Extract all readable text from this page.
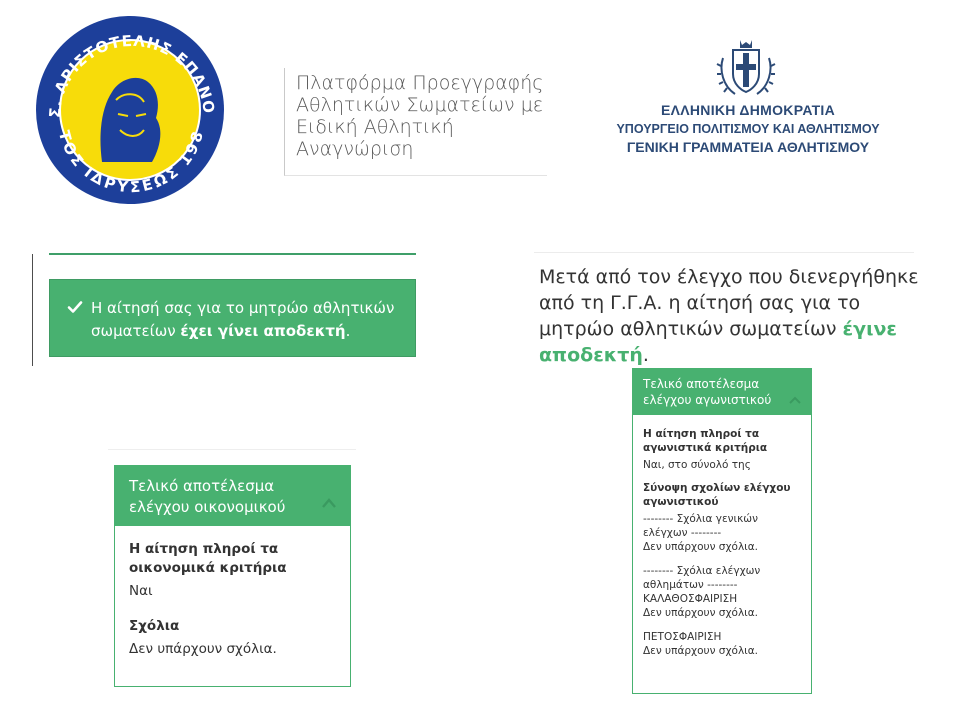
Σ. ΑΡΙΣΤΟΤΕΛΗΣ ΕΠΑΝΟ
ΤΟΣ ΙΔΡΥΣΕΩΣ 198
Πλατφόρμα Προεγγραφής
Αθλητικών Σωματείων με
Ειδική Αθλητική
Αναγνώριση
ΕΛΛΗΝΙΚΗ ΔΗΜΟΚΡΑΤΙΑ
ΥΠΟΥΡΓΕΙΟ ΠΟΛΙΤΙΣΜΟΥ ΚΑΙ ΑΘΛΗΤΙΣΜΟΥ
ΓΕΝΙΚΗ ΓΡΑΜΜΑΤΕΙΑ ΑΘΛΗΤΙΣΜΟΥ
Η αίτησή σας για το μητρώο αθλητικών σωματείων έχει γίνει αποδεκτή.
Μετά από τον έλεγχο που διενεργήθηκε από τη Γ.Γ.Α. η αίτησή σας για το μητρώο αθλητικών σωματείων έγινε αποδεκτή.
Τελικό αποτέλεσμα ελέγχου οικονομικού
Η αίτηση πληροί τα οικονομικά κριτήρια
Ναι
Σχόλια
Δεν υπάρχουν σχόλια.
Τελικό αποτέλεσμα ελέγχου αγωνιστικού
Η αίτηση πληροί τα αγωνιστικά κριτήρια
Ναι, στο σύνολό της
Σύνοψη σχολίων ελέγχου αγωνιστικού
-------- Σχόλια γενικών ελέγχων --------
Δεν υπάρχουν σχόλια.
-------- Σχόλια ελέγχων αθλημάτων --------
ΚΑΛΑΘΟΣΦΑΙΡΙΣΗ
Δεν υπάρχουν σχόλια.
ΠΕΤΟΣΦΑΙΡΙΣΗ
Δεν υπάρχουν σχόλια.
